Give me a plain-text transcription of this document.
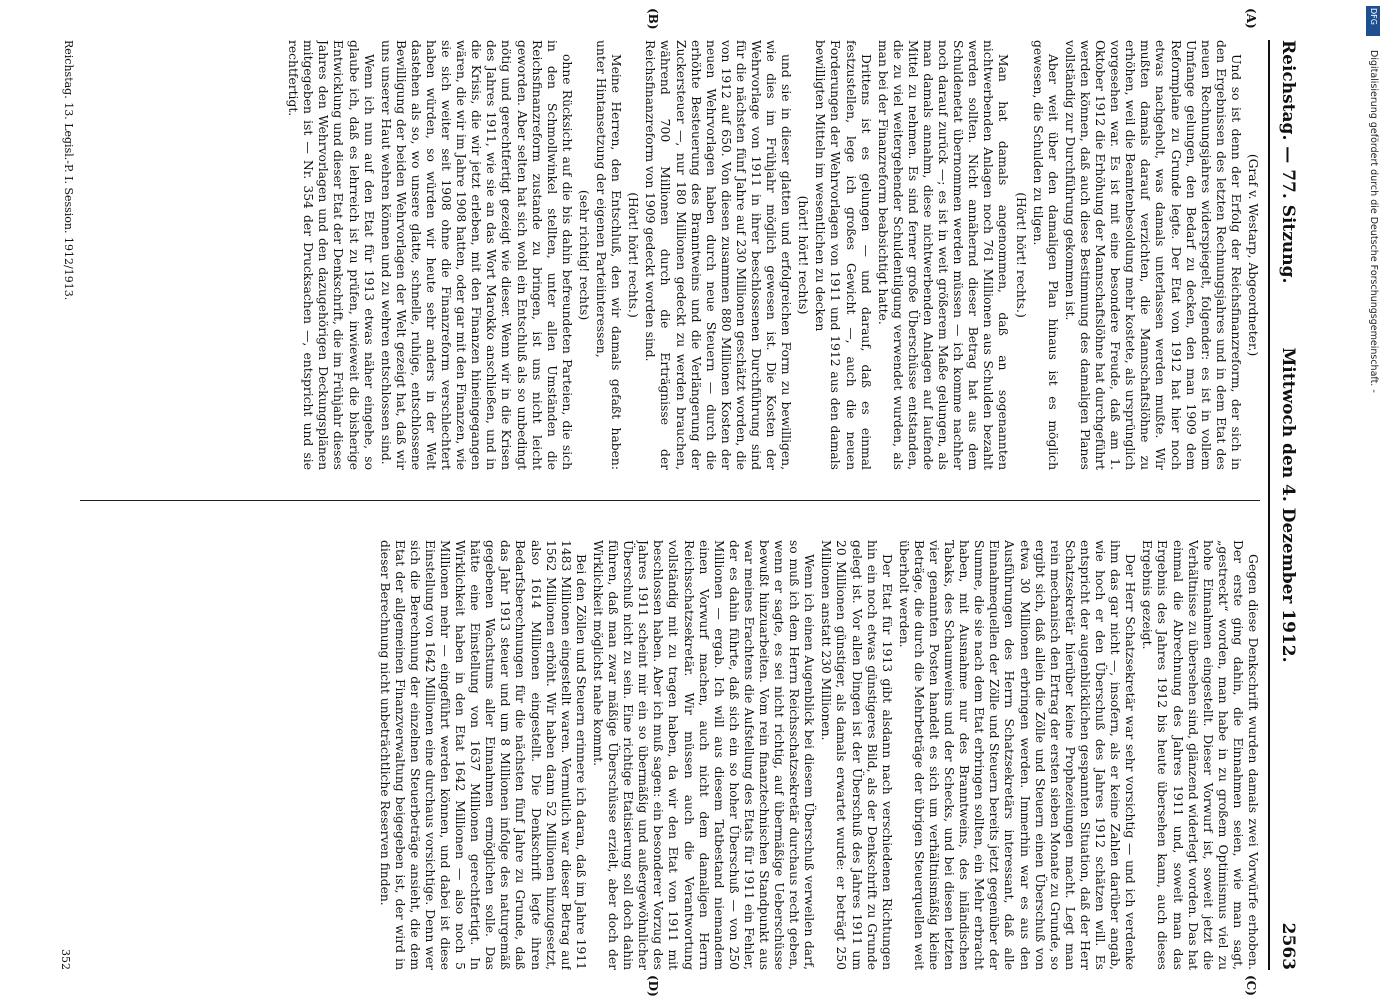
Reichstag. — 77. Sitzung.
Mittwoch den 4. Dezember 1912.
2563

(Graf v. Westarp, Abgeordneter.)

Und so ist denn der Erfolg der Reichsfinanzreform, der sich in den Ergebnissen des letzten Rechnungsjahres und in dem Etat des neuen Rechnungsjahres widerspiegelt, folgender: es ist in vollem Umfange gelungen, den Bedarf zu decken, den man 1909 dem Reformplane zu Grunde legte. Der Etat von 1912 hat hier noch etwas nachgeholt, was damals unterlassen werden mußte. Wir mußten damals darauf verzichten, die Mannschaftslöhne zu erhöhen, weil die Beamtenbesoldung mehr kostete, als ursprünglich vorgesehen war. Es ist mit eine besondere Freude, daß am 1. Oktober 1912 die Erhöhung der Mannschaftslöhne hat durchgeführt werden können, daß auch diese Bestimmung des damaligen Planes vollständig zur Durchführung gekommen ist.

Aber weit über den damaligen Plan hinaus ist es möglich gewesen, die Schulden zu tilgen.

(Hört! hört! rechts.)

Man hat damals angenommen, daß an sogenannten nichtwerbenden Anlagen noch 761 Millionen aus Schulden bezahlt werden sollten. Nicht annähernd dieser Betrag hat aus dem Schuldenetat übernommen werden müssen — ich komme nachher noch darauf zurück —; es ist in weit größerem Maße gelungen, als man damals annahm, diese nichtwerbenden Anlagen auf laufende Mittel zu nehmen. Es sind ferner große Überschüsse entstanden, die zu viel weitergehender Schuldentilgung verwendet wurden, als man bei der Finanzreform beabsichtigt hatte.

Drittens ist es gelungen — und darauf, daß es einmal festzustellen, lege ich großes Gewicht —, auch die neuen Forderungen der Wehrvorlagen von 1911 und 1912 aus den damals bewilligten Mitteln im wesentlichen zu decken

(hört! hört! rechts)

und sie in dieser glatten und erfolgreichen Form zu bewilligen, wie dies im Frühjahr möglich gewesen ist. Die Kosten der Wehrvorlage von 1911 in ihrer beschlossenen Durchführung sind für die nächsten fünf Jahre auf 230 Millionen geschätzt worden, die von 1912 auf 650. Von diesen zusammen 880 Millionen Kosten der neuen Wehrvorlagen haben durch neue Steuern — durch die erhöhte Besteuerung des Branntweins und die Verlängerung der Zuckersteuer —, nur 180 Millionen gedeckt zu werden brauchen, während 700 Millionen durch die Erträgnisse der Reichsfinanzreform von 1909 gedeckt worden sind.

(Hört! hört! rechts.)

Meine Herren, den Entschluß, den wir damals gefaßt haben: unter Hintansetzung der eigenen Parteiinteressen,

(sehr richtig! rechts)

ohne Rücksicht auf die bis dahin befreundeten Parteien, die sich in den Schmollwinkel stellten, unter allen Umständen die Reichsfinanzreform zustande zu bringen, ist uns nicht leicht geworden. Aber selten hat sich wohl ein Entschluß als so unbedingt nötig und gerechtfertigt gezeigt wie dieser. Wenn wir in die Krisen des Jahres 1911, wie sie an das Wort Marokko anschließen, und in die Krisis, die wir jetzt erleben, mit den Finanzen hineingegangen wären, die wir im Jahre 1908 hatten, oder gar mit den Finanzen, wie sie sich weiter seit 1908 ohne die Finanzreform verschlechtert haben würden, so würden wir heute sehr anders in der Welt dastehen als so, wo unsere glatte, schnelle, ruhige, entschlossene Bewilligung der beiden Wehrvorlagen der Welt gezeigt hat, daß wir uns unserer Haut wehren können und zu wehren entschlossen sind.

Wenn ich nun auf den Etat für 1913 etwas näher eingehe, so glaube ich, daß es lehrreich ist zu prüfen, inwieweit die bisherige Entwicklung und dieser Etat der Denkschrift, die im Frühjahr dieses Jahres den Wehrvorlagen und den dazugehörigen Deckungsplänen mitgegeben ist — Nr. 354 der Drucksachen —, entspricht und sie rechtfertigt.

Gegen diese Denkschrift wurden damals zwei Vorwürfe erhoben. Der erste ging dahin, die Einnahmen seien, wie man sagt, „gestreckt“ worden, man habe in zu großem Optimismus viel zu hohe Einnahmen eingestellt. Dieser Vorwurf ist, soweit jetzt die Verhältnisse zu übersehen sind, glänzend widerlegt worden. Das hat einmal die Abrechnung des Jahres 1911 und, soweit man das Ergebnis des Jahres 1912 bis heute übersehen kann, auch dieses Ergebnis gezeigt.

Der Herr Schatzsekretär war sehr vorsichtig — und ich verdenke ihm das gar nicht —, insofern, als er keine Zahlen darüber angab, wie hoch er den Überschuß des Jahres 1912 schätzen will. Es entspricht der augenblicklichen gespannten Situation, daß der Herr Schatzsekretär hierüber keine Prophezeiungen macht. Legt man rein mechanisch den Ertrag der ersten sieben Monate zu Grunde, so ergibt sich, daß allein die Zölle und Steuern einen Überschuß von etwa 30 Millionen erbringen werden. Immerhin war es aus den Ausführungen des Herrn Schatzsekretärs interessant, daß alle Einnahmequellen der Zölle und Steuern bereits jetzt gegenüber der Summe, die sie nach dem Etat erbringen sollten, ein Mehr erbracht haben, mit Ausnahme nur des Branntweins, des inländischen Tabaks, des Schaumweins und der Schecks, und bei diesen letzten vier genannten Posten handelt es sich um verhältnismäßig kleine Beträge, die durch die Mehrbeträge der übrigen Steuerquellen weit überholt werden.

Der Etat für 1913 gibt alsdann nach verschiedenen Richtungen hin ein noch etwas günstigeres Bild, als der Denkschrift zu Grunde gelegt ist. Vor allen Dingen ist der Überschuß des Jahres 1911 um 20 Millionen günstiger, als damals erwartet wurde: er beträgt 250 Millionen anstatt 230 Millionen.

Wenn ich einen Augenblick bei diesem Überschuß verweilen darf, so muß ich dem Herrn Reichsschatzsekretär durchaus recht geben, wenn er sagte, es sei nicht richtig, auf übermäßige Ueberschüsse bewußt hinzuarbeiten. Vom rein finanztechnischen Standpunkt aus war meines Erachtens die Aufstellung des Etats für 1911 ein Fehler, der es dahin führte, daß sich ein so hoher Überschuß — von 250 Millionen — ergab. Ich will aus diesem Tatbestand niemandem einen Vorwurf machen, auch nicht dem damaligen Herrn Reichsschatzsekretär. Wir müssen auch die Verantwortung vollständig mit zu tragen haben, da wir den Etat von 1911 mit beschlossen haben. Aber ich muß sagen: ein besonderer Vorzug des Jahres 1911 scheint mir ein so übermäßig und außergewöhnlicher Überschuß nicht zu sein. Eine richtige Etatisierung soll doch dahin führen, daß man zwar mäßige Überschüsse erzielt, aber doch der Wirklichkeit möglichst nahe kommt.

Bei den Zöllen und Steuern erinnere ich daran, daß im Jahre 1911 1483 Millionen eingestellt waren. Vermutlich war dieser Betrag auf 1562 Millionen erhöht. Wir haben dann 52 Millionen hinzugesetzt, also 1614 Millionen eingestellt. Die Denkschrift legte ihren Bedarfsberechnungen für die nächsten fünf Jahre zu Grunde, daß das Jahr 1913 steuer und um 8 Millionen infolge des naturgemäß gegebenen Wachstums aller Einnahmen ermöglichen solle. Das hätte eine Einstellung von 1637 Millionen gerechtfertigt. In Wirklichkeit haben in den Etat 1642 Millionen — also noch 5 Millionen mehr — eingeführt werden können, und dabei ist diese Einstellung von 1642 Millionen eine durchaus vorsichtige. Denn wer sich die Berechnung der einzelnen Steuerbeträge ansieht, die dem Etat der allgemeinen Finanzverwaltung beigegeben ist, der wird in dieser Berechnung nicht unbeträchtliche Reserven finden.

(A)
(B)
(C)
(D)
Reichstag. 13. Legisl.-P. I. Session. 1912/1913.
352
Digitalisierung gefördert durch die Deutsche Forschungsgemeinschaft. -
DFG
